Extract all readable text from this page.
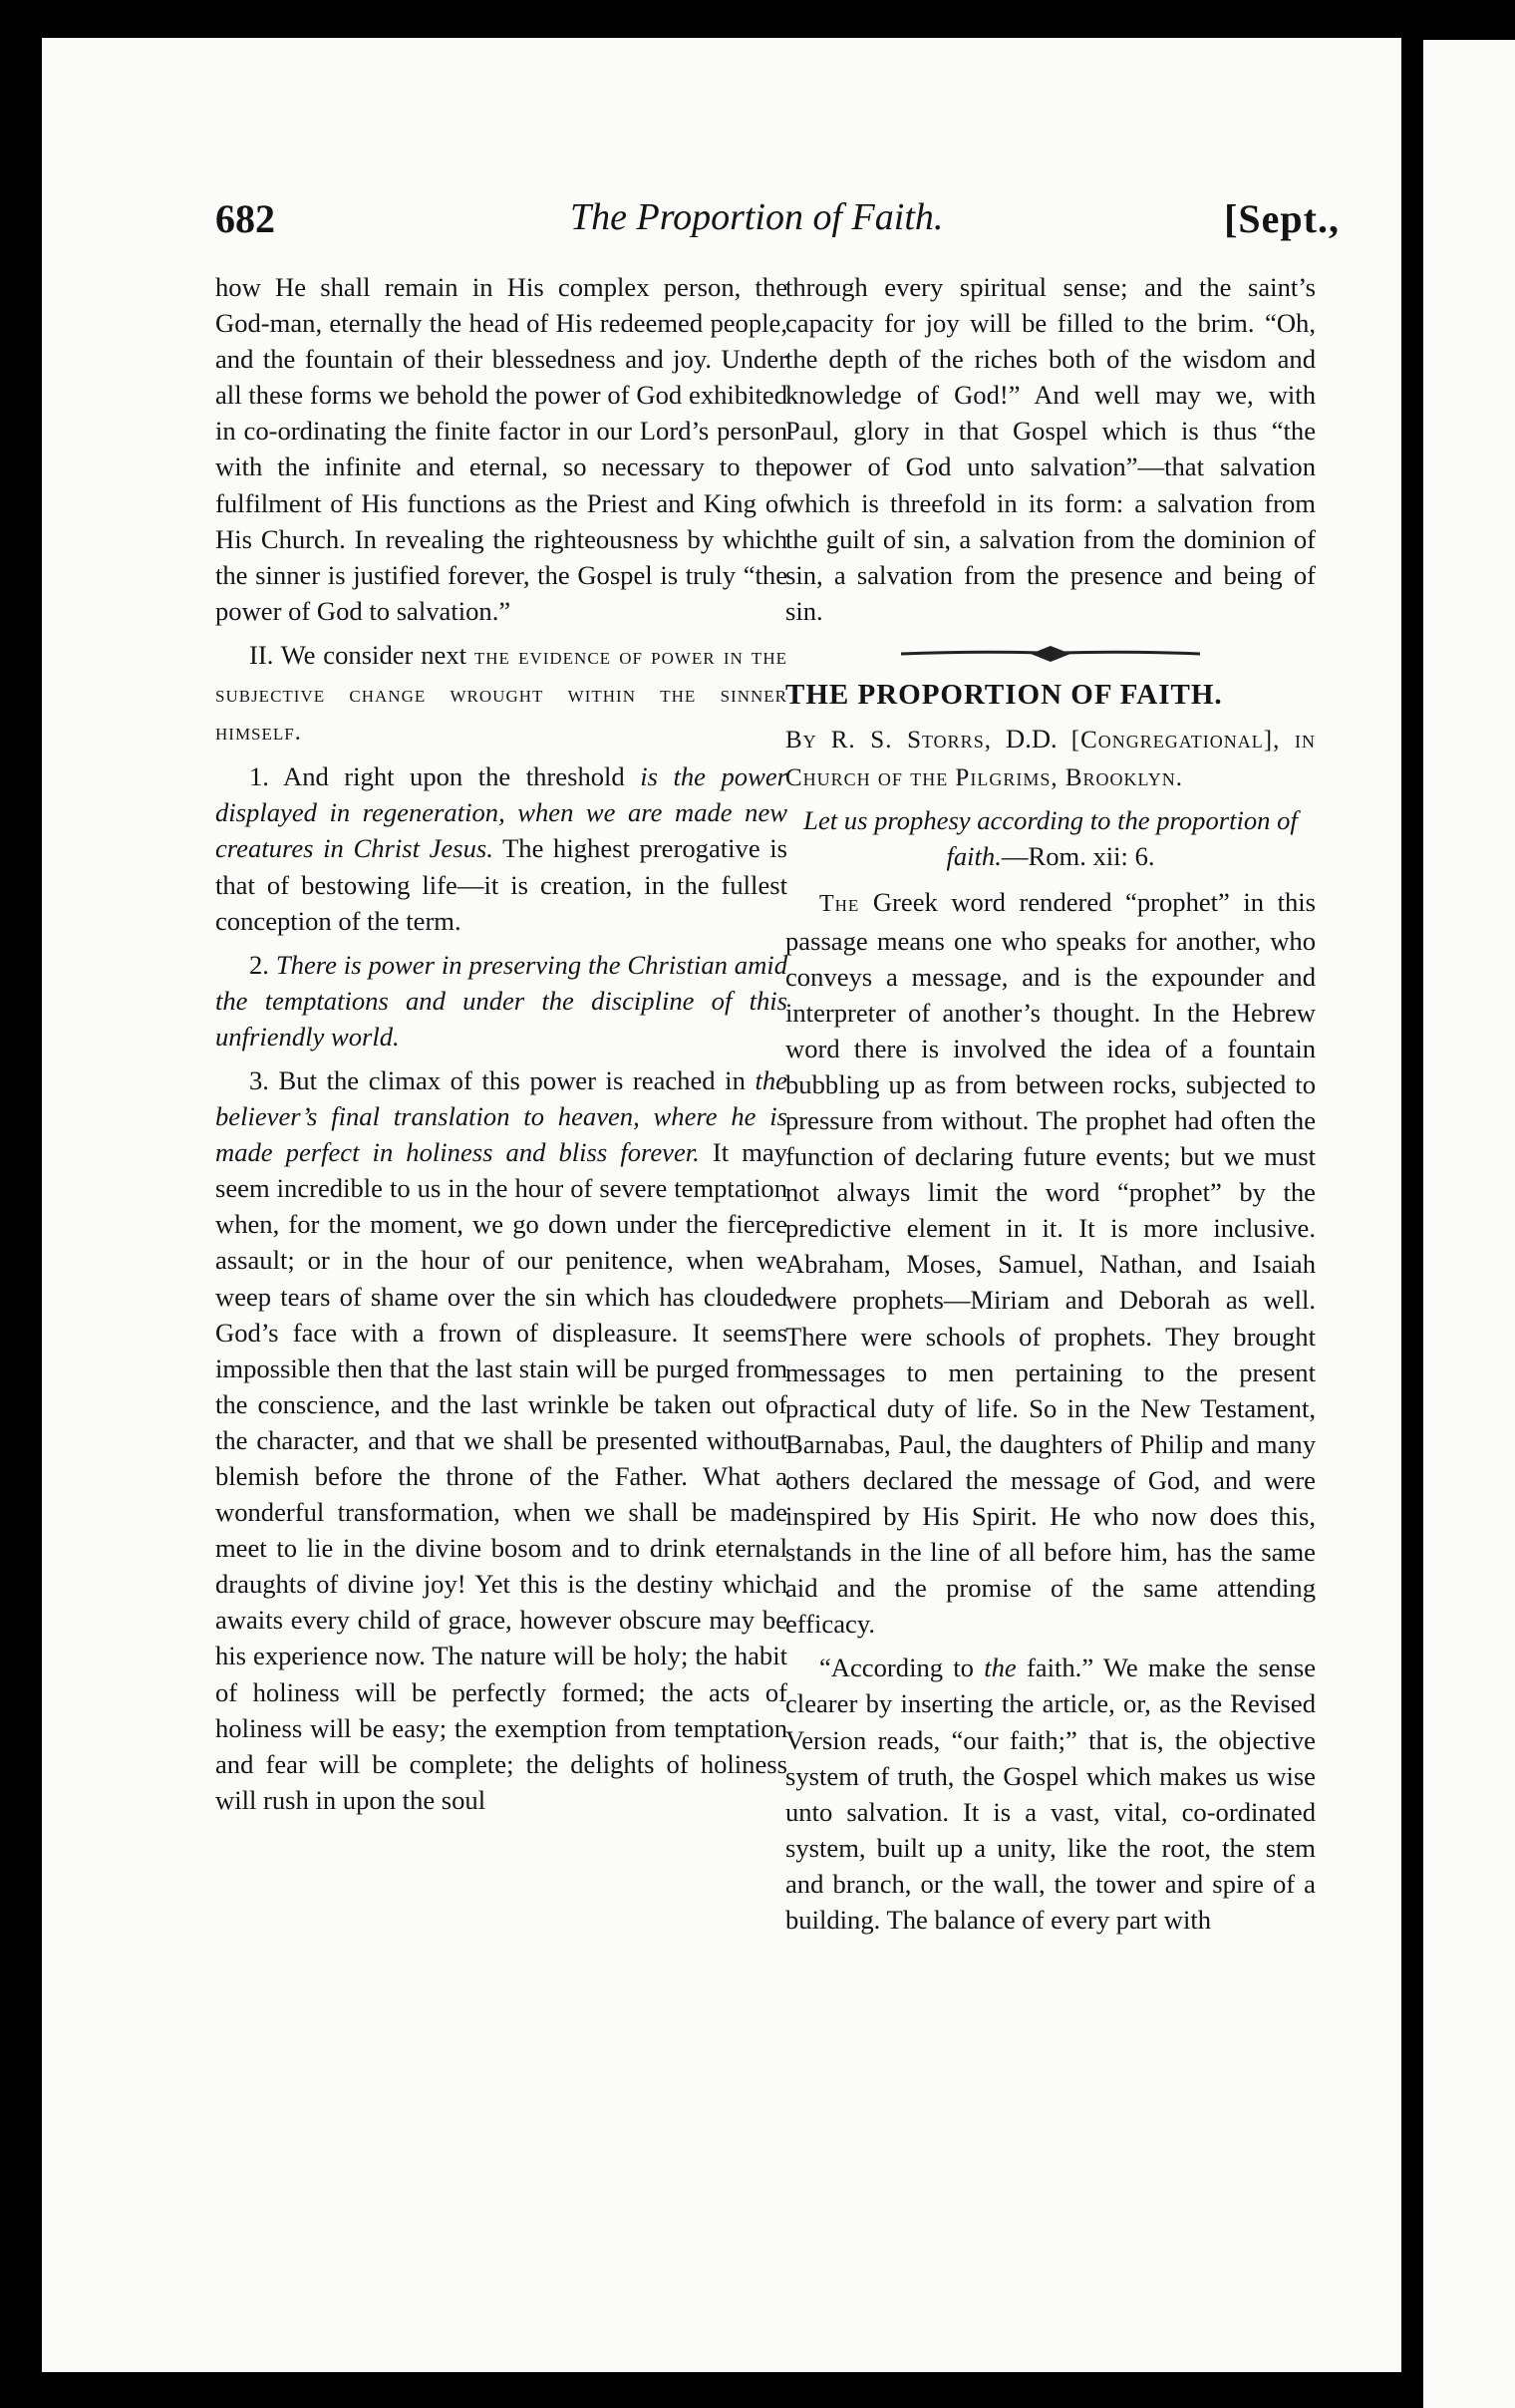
682	The Proportion of Faith.	[Sept.,

how He shall remain in His complex person, the God-man, eternally the head of His redeemed people, and the fountain of their blessedness and joy. Under all these forms we behold the power of God exhibited in co-ordinating the finite factor in our Lord’s person with the infinite and eternal, so necessary to the fulfilment of His functions as the Priest and King of His Church. In revealing the righteousness by which the sinner is justified forever, the Gospel is truly “the power of God to salvation.”

II. We consider next the evidence of power in the subjective change wrought within the sinner himself.

1. And right upon the threshold is the power displayed in regeneration, when we are made new creatures in Christ Jesus. The highest prerogative is that of bestowing life—it is creation, in the fullest conception of the term.

2. There is power in preserving the Christian amid the temptations and under the discipline of this unfriendly world.

3. But the climax of this power is reached in the believer’s final translation to heaven, where he is made perfect in holiness and bliss forever. It may seem incredible to us in the hour of severe temptation when, for the moment, we go down under the fierce assault; or in the hour of our penitence, when we weep tears of shame over the sin which has clouded God’s face with a frown of displeasure. It seems impossible then that the last stain will be purged from the conscience, and the last wrinkle be taken out of the character, and that we shall be presented without blemish before the throne of the Father. What a wonderful transformation, when we shall be made meet to lie in the divine bosom and to drink eternal draughts of divine joy! Yet this is the destiny which awaits every child of grace, however obscure may be his experience now. The nature will be holy; the habit of holiness will be perfectly formed; the acts of holiness will be easy; the exemption from temptation and fear will be complete; the delights of holiness will rush in upon the soul

through every spiritual sense; and the saint’s capacity for joy will be filled to the brim. “Oh, the depth of the riches both of the wisdom and knowledge of God!” And well may we, with Paul, glory in that Gospel which is thus “the power of God unto salvation”—that salvation which is threefold in its form: a salvation from the guilt of sin, a salvation from the dominion of sin, a salvation from the presence and being of sin.

THE PROPORTION OF FAITH.

By R. S. Storrs, D.D. [Congregational], in Church of the Pilgrims, Brooklyn.

Let us prophesy according to the proportion of faith.—Rom. xii: 6.

The Greek word rendered “prophet” in this passage means one who speaks for another, who conveys a message, and is the expounder and interpreter of another’s thought. In the Hebrew word there is involved the idea of a fountain bubbling up as from between rocks, subjected to pressure from without. The prophet had often the function of declaring future events; but we must not always limit the word “prophet” by the predictive element in it. It is more inclusive. Abraham, Moses, Samuel, Nathan, and Isaiah were prophets—Miriam and Deborah as well. There were schools of prophets. They brought messages to men pertaining to the present practical duty of life. So in the New Testament, Barnabas, Paul, the daughters of Philip and many others declared the message of God, and were inspired by His Spirit. He who now does this, stands in the line of all before him, has the same aid and the promise of the same attending efficacy.

“According to the faith.” We make the sense clearer by inserting the article, or, as the Revised Version reads, “our faith;” that is, the objective system of truth, the Gospel which makes us wise unto salvation. It is a vast, vital, co-ordinated system, built up a unity, like the root, the stem and branch, or the wall, the tower and spire of a building. The balance of every part with
